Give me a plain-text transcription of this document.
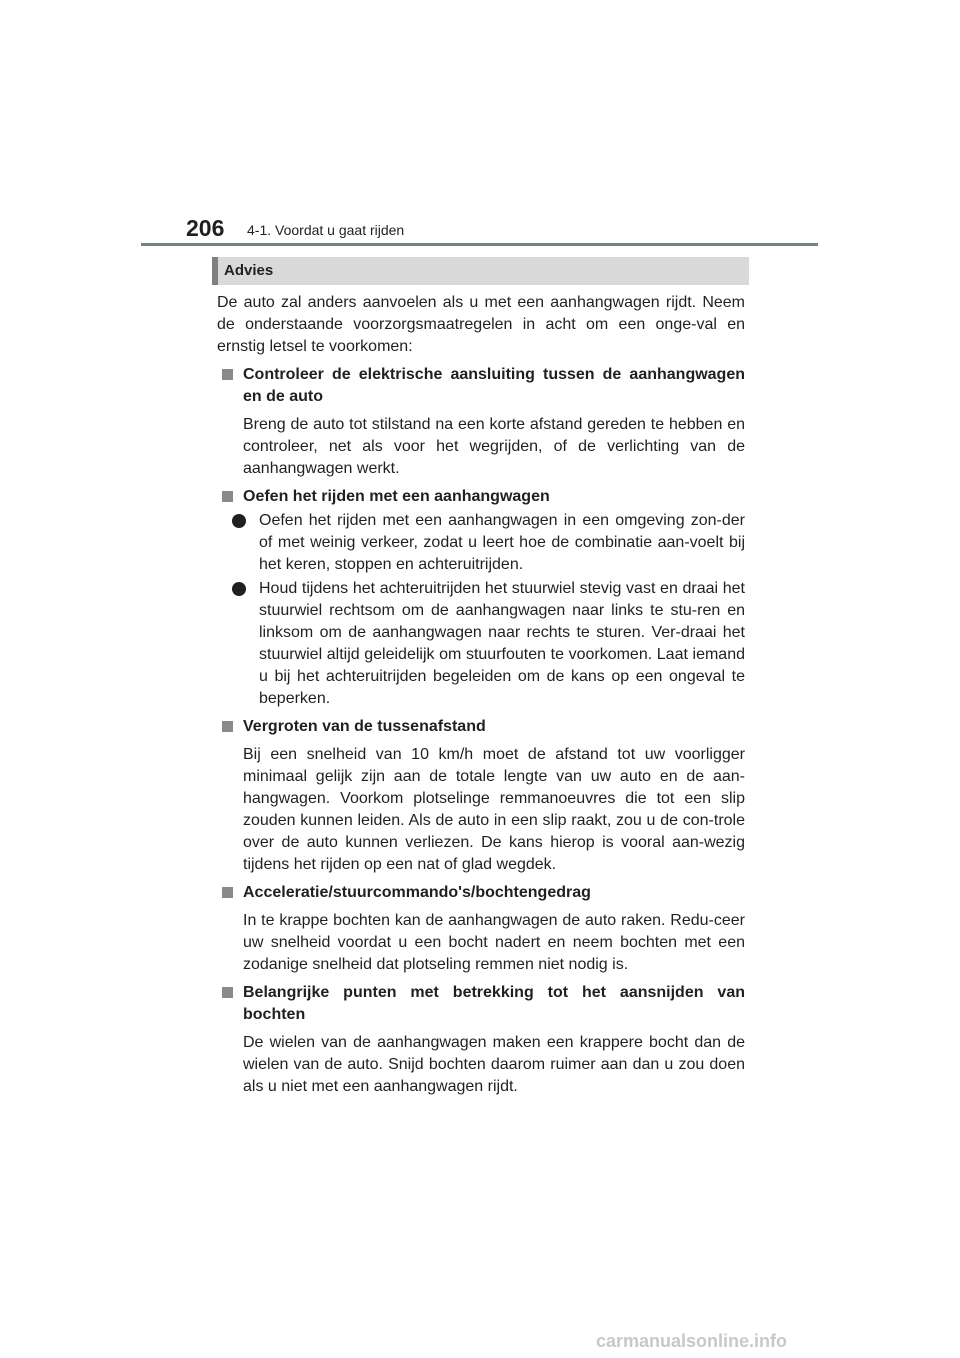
206 4-1. Voordat u gaat rijden
Advies

De auto zal anders aanvoelen als u met een aanhangwagen rijdt. Neem de onderstaande voorzorgsmaatregelen in acht om een onge-val en ernstig letsel te voorkomen:

Controleer de elektrische aansluiting tussen de aanhangwagen en de auto

Breng de auto tot stilstand na een korte afstand gereden te hebben en controleer, net als voor het wegrijden, of de verlichting van de aanhangwagen werkt.

Oefen het rijden met een aanhangwagen

Oefen het rijden met een aanhangwagen in een omgeving zon-der of met weinig verkeer, zodat u leert hoe de combinatie aan-voelt bij het keren, stoppen en achteruitrijden.

Houd tijdens het achteruitrijden het stuurwiel stevig vast en draai het stuurwiel rechtsom om de aanhangwagen naar links te stu-ren en linksom om de aanhangwagen naar rechts te sturen. Ver-draai het stuurwiel altijd geleidelijk om stuurfouten te voorkomen. Laat iemand u bij het achteruitrijden begeleiden om de kans op een ongeval te beperken.

Vergroten van de tussenafstand

Bij een snelheid van 10 km/h moet de afstand tot uw voorligger minimaal gelijk zijn aan de totale lengte van uw auto en de aan-hangwagen. Voorkom plotselinge remmanoeuvres die tot een slip zouden kunnen leiden. Als de auto in een slip raakt, zou u de con-trole over de auto kunnen verliezen. De kans hierop is vooral aan-wezig tijdens het rijden op een nat of glad wegdek.

Acceleratie/stuurcommando's/bochtengedrag

In te krappe bochten kan de aanhangwagen de auto raken. Redu-ceer uw snelheid voordat u een bocht nadert en neem bochten met een zodanige snelheid dat plotseling remmen niet nodig is.

Belangrijke punten met betrekking tot het aansnijden van bochten

De wielen van de aanhangwagen maken een krappere bocht dan de wielen van de auto. Snijd bochten daarom ruimer aan dan u zou doen als u niet met een aanhangwagen rijdt.

carmanualsonline.info
